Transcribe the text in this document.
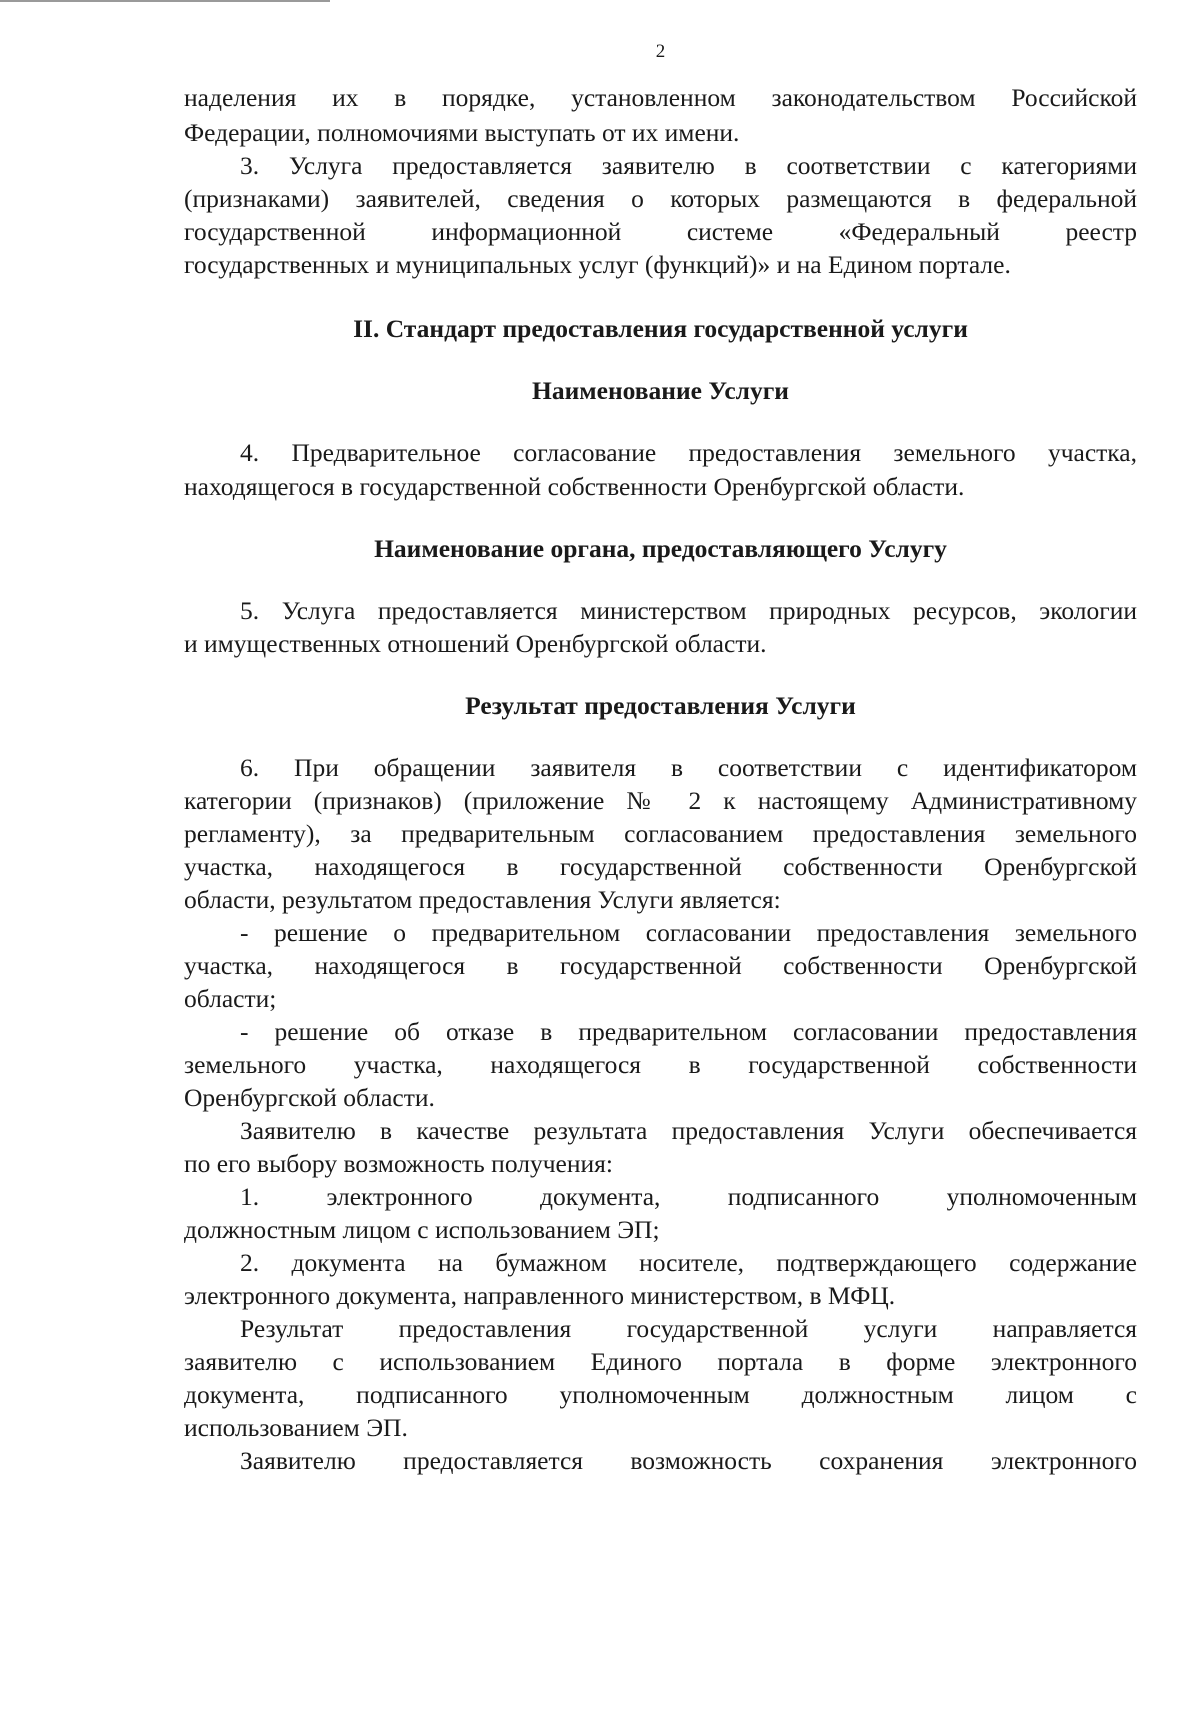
2
наделения их в порядке, установленном законодательством Российской
Федерации, полномочиями выступать от их имени.
3. Услуга предоставляется заявителю в соответствии с категориями
(признаками) заявителей, сведения о которых размещаются в федеральной
государственной информационной системе «Федеральный реестр
государственных и муниципальных услуг (функций)» и на Едином портале.
II. Стандарт предоставления государственной услуги
Наименование Услуги
4. Предварительное согласование предоставления земельного участка,
находящегося в государственной собственности Оренбургской области.
Наименование органа, предоставляющего Услугу
5. Услуга предоставляется министерством природных ресурсов, экологии
и имущественных отношений Оренбургской области.
Результат предоставления Услуги
6. При обращении заявителя в соответствии с идентификатором
категории (признаков) (приложение № 2 к настоящему Административному
регламенту), за предварительным согласованием предоставления земельного
участка, находящегося в государственной собственности Оренбургской
области, результатом предоставления Услуги является:
- решение о предварительном согласовании предоставления земельного
участка, находящегося в государственной собственности Оренбургской
области;
- решение об отказе в предварительном согласовании предоставления
земельного участка, находящегося в государственной собственности
Оренбургской области.
Заявителю в качестве результата предоставления Услуги обеспечивается
по его выбору возможность получения:
1. электронного документа, подписанного уполномоченным
должностным лицом с использованием ЭП;
2. документа на бумажном носителе, подтверждающего содержание
электронного документа, направленного министерством, в МФЦ.
Результат предоставления государственной услуги направляется
заявителю с использованием Единого портала в форме электронного
документа, подписанного уполномоченным должностным лицом с
использованием ЭП.
Заявителю предоставляется возможность сохранения электронного
